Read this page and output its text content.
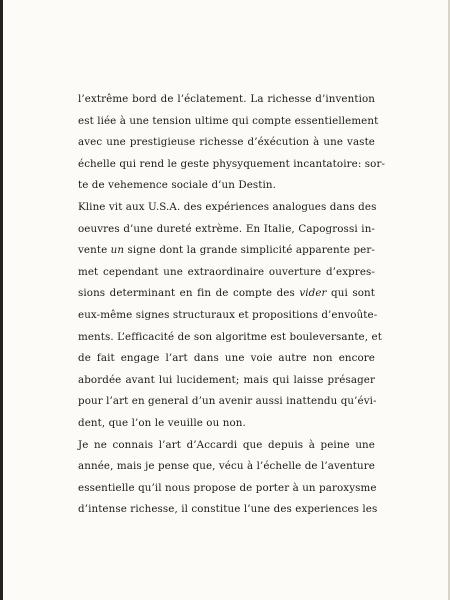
l’extrême bord de l’éclatement. La richesse d’invention
est liée à une tension ultime qui compte essentiellement
avec une prestigieuse richesse d’éxécution à une vaste
échelle qui rend le geste physyquement incantatoire: sor-
te de vehemence sociale d’un Destin.

Kline vit aux U.S.A. des expériences analogues dans des
oeuvres d’une dureté extrème. En Italie, Capogrossi in-
vente un signe dont la grande simplicité apparente per-
met cependant une extraordinaire ouverture d’expres-
sions determinant en fin de compte des vider qui sont
eux-même signes structuraux et propositions d’envoûte-
ments. L’efficacité de son algoritme est bouleversante, et
de fait engage l’art dans une voie autre non encore
abordée avant lui lucidement; mais qui laisse présager
pour l’art en general d’un avenir aussi inattendu qu’évi-
dent, que l’on le veuille ou non.

Je ne connais l’art d’Accardi que depuis à peine une
année, mais je pense que, vécu à l’échelle de l’aventure
essentielle qu’il nous propose de porter à un paroxysme
d’intense richesse, il constitue l’une des experiences les
